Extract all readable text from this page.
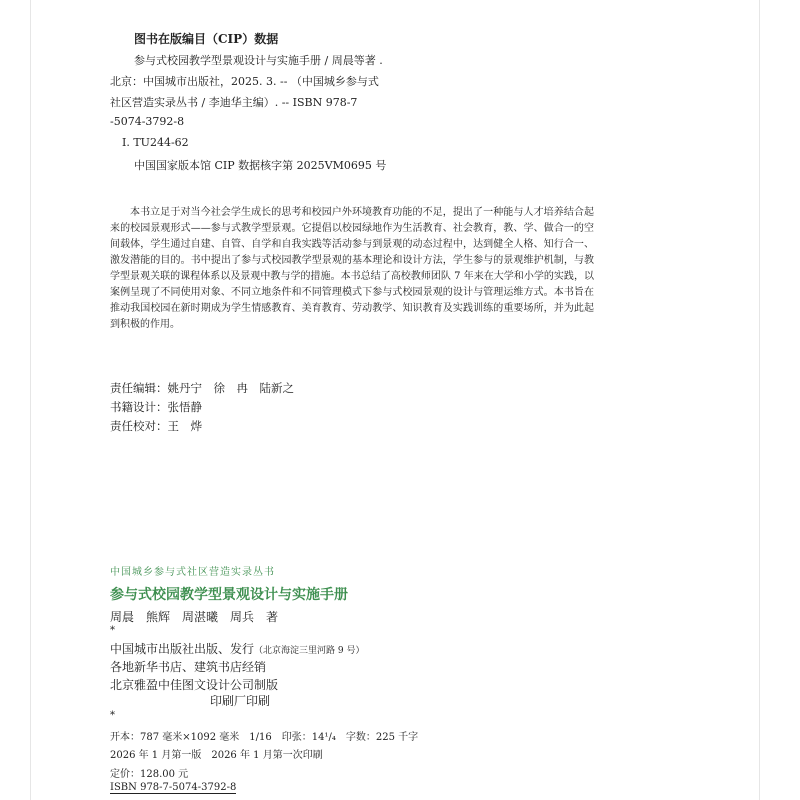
图书在版编目（CIP）数据
参与式校园教学型景观设计与实施手册 / 周晨等著 .
北京：中国城市出版社，2025. 3. -- （中国城乡参与式
社区营造实录丛书 / 李迪华主编）. -- ISBN 978-7
-5074-3792-8
Ⅰ. TU244-62
中国国家版本馆 CIP 数据核字第 2025VM0695 号
本书立足于对当今社会学生成长的思考和校园户外环境教育功能的不足，提出了一种能与人才培养结合起来的校园景观形式——参与式教学型景观。它提倡以校园绿地作为生活教育、社会教育，教、学、做合一的空间载体，学生通过自建、自管、自学和自我实践等活动参与到景观的动态过程中，达到健全人格、知行合一、激发潜能的目的。书中提出了参与式校园教学型景观的基本理论和设计方法，学生参与的景观维护机制，与教学型景观关联的课程体系以及景观中教与学的措施。本书总结了高校教师团队 7 年来在大学和小学的实践，以案例呈现了不同使用对象、不同立地条件和不同管理模式下参与式校园景观的设计与管理运维方式。本书旨在推动我国校园在新时期成为学生情感教育、美育教育、劳动教学、知识教育及实践训练的重要场所，并为此起到积极的作用。
责任编辑：姚丹宁　徐　冉　陆新之
书籍设计：张悟静
责任校对：王　烨
中国城乡参与式社区营造实录丛书
参与式校园教学型景观设计与实施手册
周晨　熊辉　周湛曦　周兵　著
*
中国城市出版社出版、发行（北京海淀三里河路 9 号）
各地新华书店、建筑书店经销
北京雅盈中佳图文设计公司制版
印刷厂印刷
*
开本：787 毫米×1092 毫米　1/16　印张：14¹/₄　字数：225 千字
2026 年 1 月第一版　2026 年 1 月第一次印刷
定价：128.00 元
ISBN 978-7-5074-3792-8
